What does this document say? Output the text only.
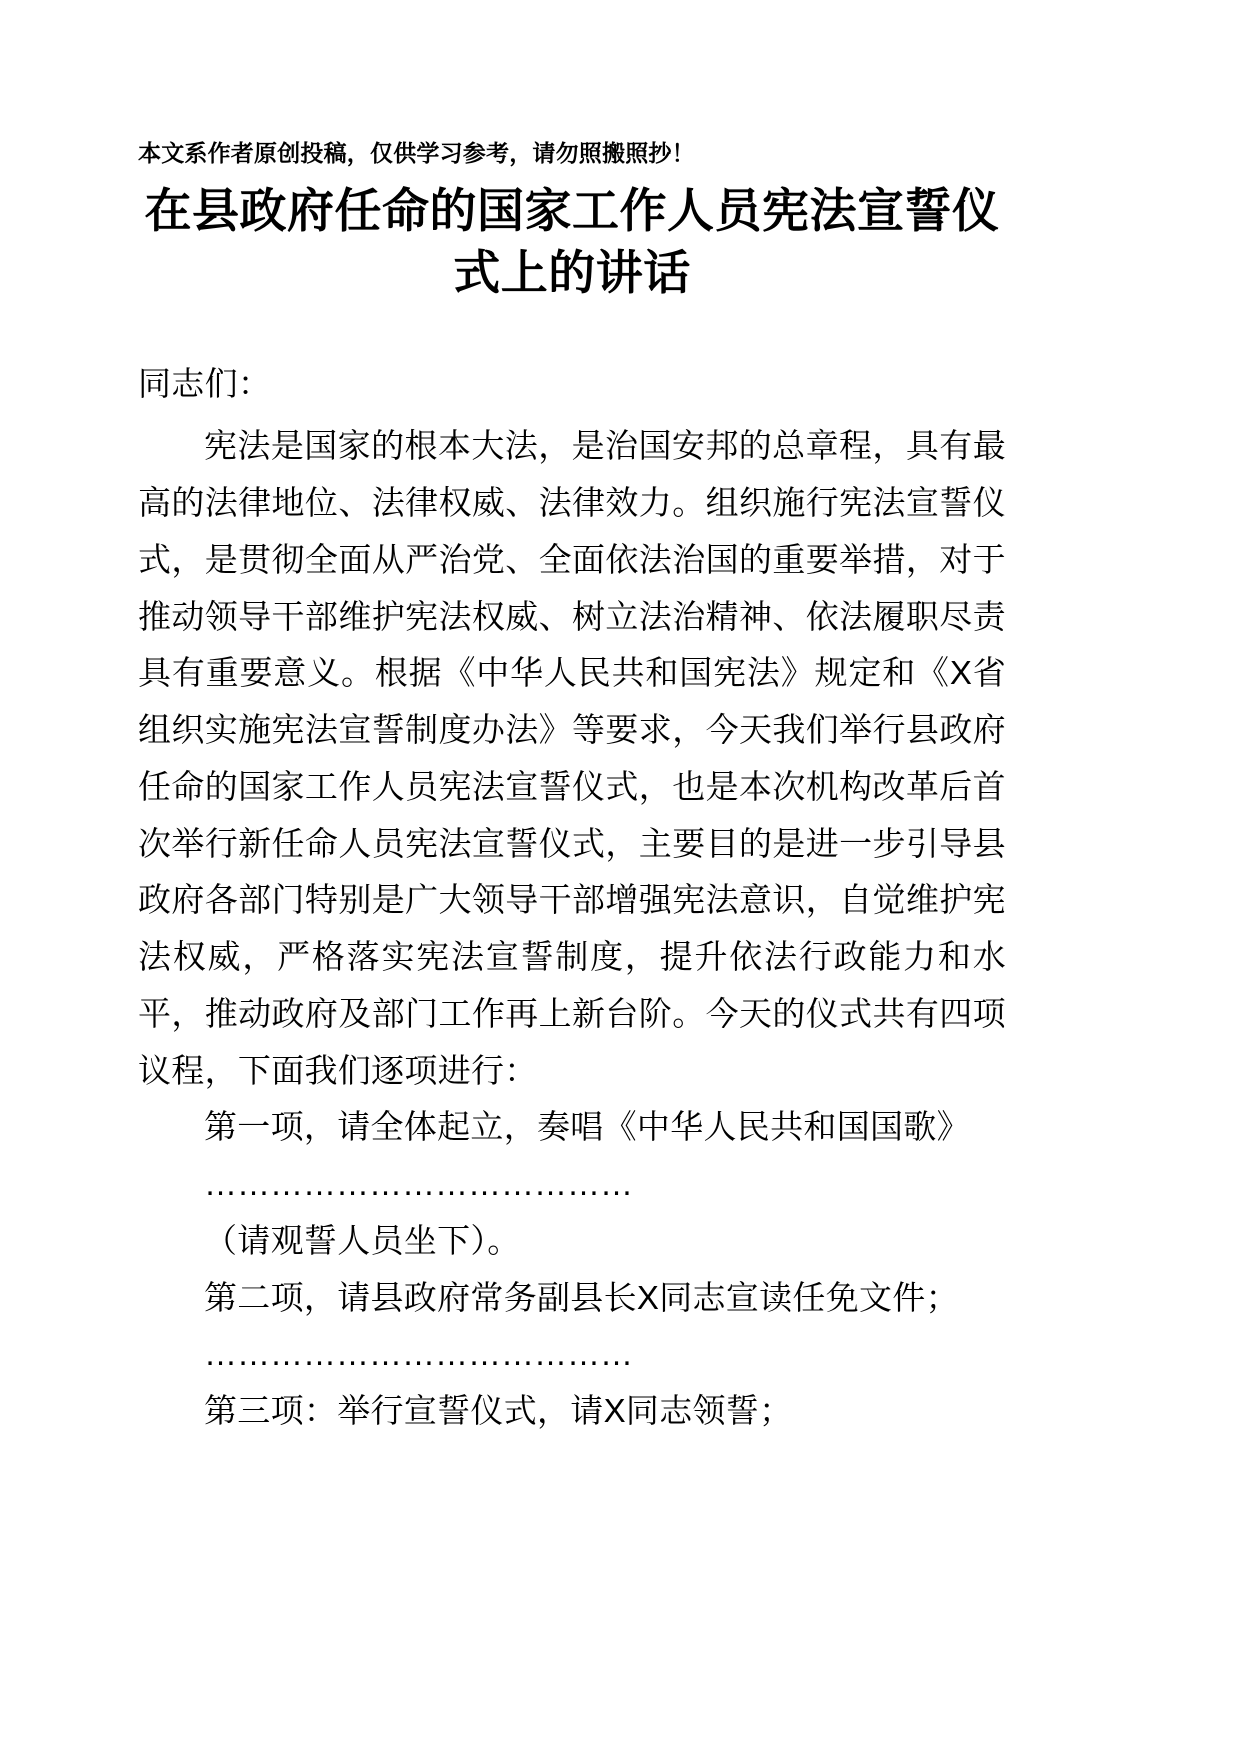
本文系作者原创投稿，仅供学习参考，请勿照搬照抄！

在县政府任命的国家工作人员宪法宣誓仪式上的讲话

同志们：

宪法是国家的根本大法，是治国安邦的总章程，具有最高的法律地位、法律权威、法律效力。组织施行宪法宣誓仪式，是贯彻全面从严治党、全面依法治国的重要举措，对于推动领导干部维护宪法权威、树立法治精神、依法履职尽责具有重要意义。根据《中华人民共和国宪法》规定和《X省组织实施宪法宣誓制度办法》等要求，今天我们举行县政府任命的国家工作人员宪法宣誓仪式，也是本次机构改革后首次举行新任命人员宪法宣誓仪式，主要目的是进一步引导县政府各部门特别是广大领导干部增强宪法意识，自觉维护宪法权威，严格落实宪法宣誓制度，提升依法行政能力和水平，推动政府及部门工作再上新台阶。今天的仪式共有四项议程，下面我们逐项进行：

第一项，请全体起立，奏唱《中华人民共和国国歌》

…………………………………

（请观誓人员坐下）。

第二项，请县政府常务副县长X同志宣读任免文件；

…………………………………

第三项：举行宣誓仪式，请X同志领誓；
